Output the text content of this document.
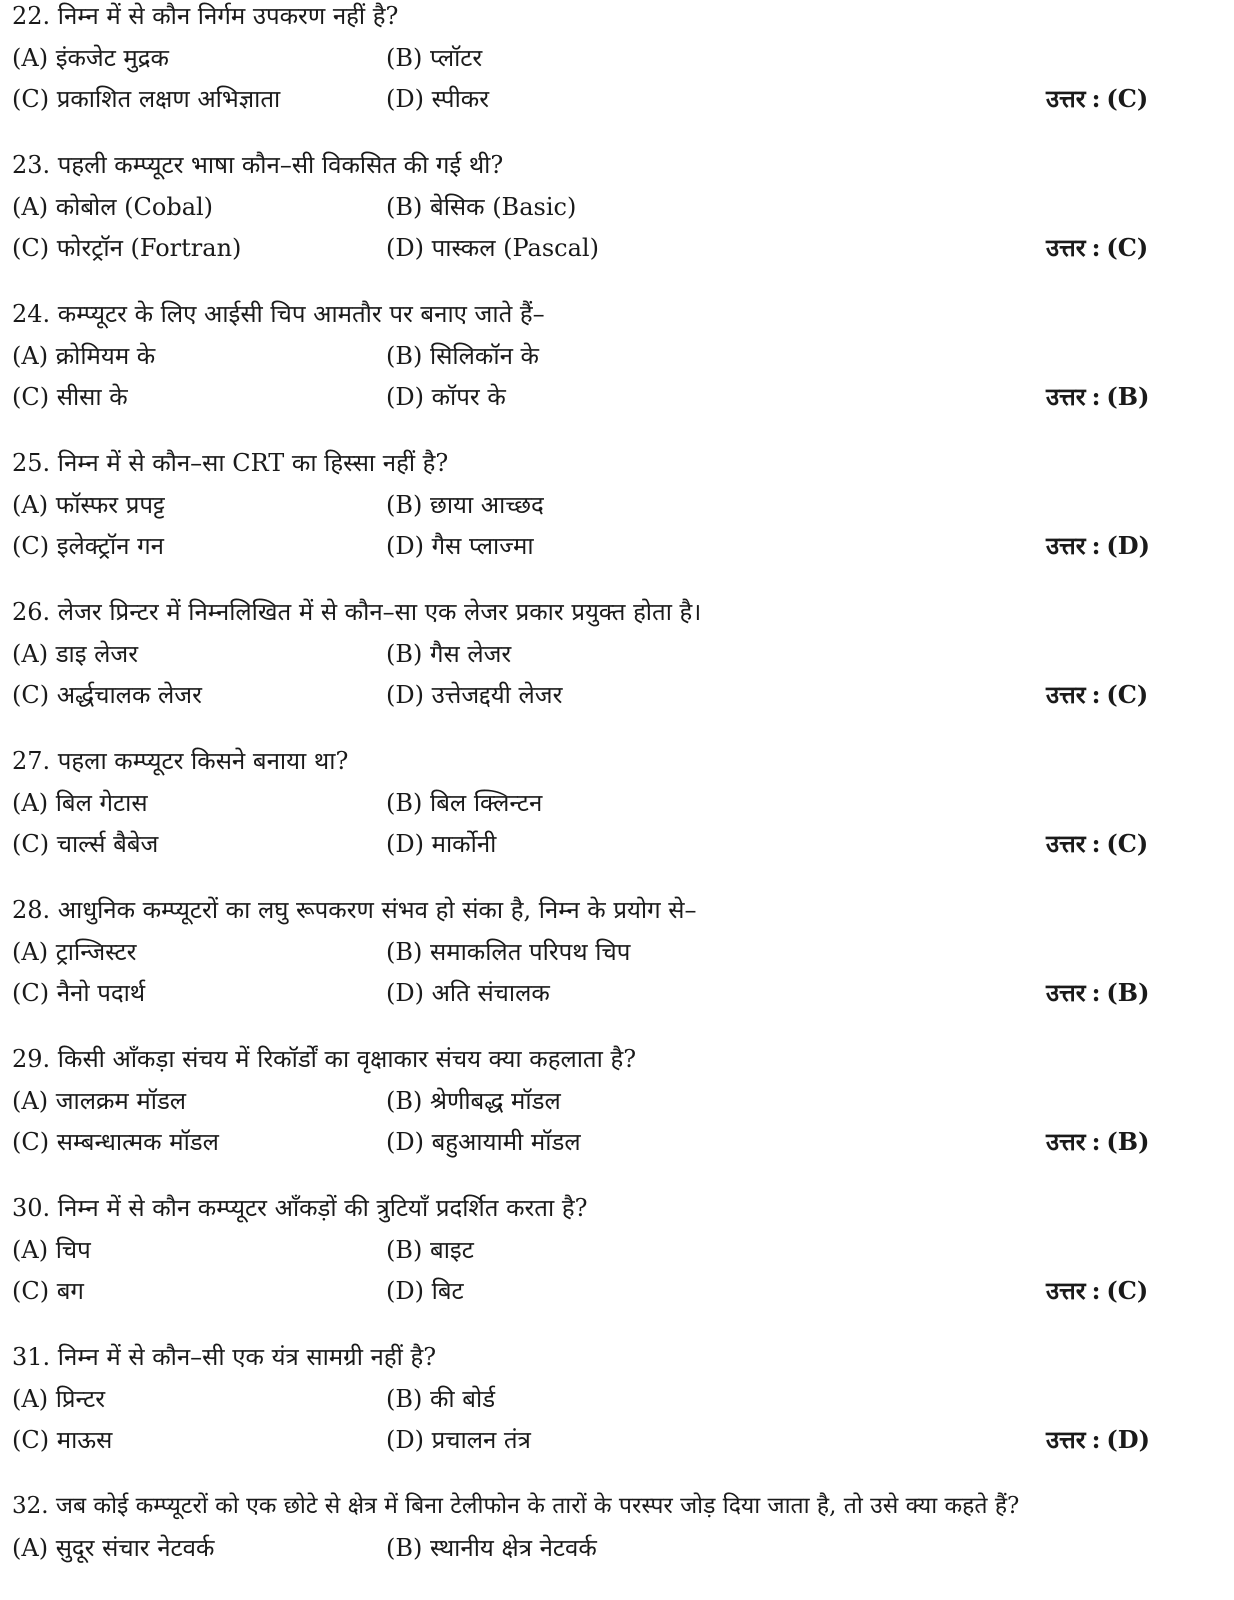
22. निम्न में से कौन निर्गम उपकरण नहीं है?
(A) इंकजेट मुद्रक	(B) प्लॉटर
(C) प्रकाशित लक्षण अभिज्ञाता	(D) स्पीकर	उत्तर : (C)
23. पहली कम्प्यूटर भाषा कौन–सी विकसित की गई थी?
(A) कोबोल (Cobal)	(B) बेसिक (Basic)
(C) फोरट्रॉन (Fortran)	(D) पास्कल (Pascal)	उत्तर : (C)
24. कम्प्यूटर के लिए आईसी चिप आमतौर पर बनाए जाते हैं–
(A) क्रोमियम के	(B) सिलिकॉन के
(C) सीसा के	(D) कॉपर के	उत्तर : (B)
25. निम्न में से कौन–सा CRT का हिस्सा नहीं है?
(A) फॉस्फर प्रपट्ट	(B) छाया आच्छद
(C) इलेक्ट्रॉन गन	(D) गैस प्लाज्मा	उत्तर : (D)
26. लेजर प्रिन्टर में निम्नलिखित में से कौन–सा एक लेजर प्रकार प्रयुक्त होता है।
(A) डाइ लेजर	(B) गैस लेजर
(C) अर्द्धचालक लेजर	(D) उत्तेजद्दयी लेजर	उत्तर : (C)
27. पहला कम्प्यूटर किसने बनाया था?
(A) बिल गेटास	(B) बिल क्लिन्टन
(C) चार्ल्स बैबेज	(D) मार्कोनी	उत्तर : (C)
28. आधुनिक कम्प्यूटरों का लघु रूपकरण संभव हो संका है, निम्न के प्रयोग से–
(A) ट्रान्जिस्टर	(B) समाकलित परिपथ चिप
(C) नैनो पदार्थ	(D) अति संचालक	उत्तर : (B)
29. किसी आँकड़ा संचय में रिकॉर्डों का वृक्षाकार संचय क्या कहलाता है?
(A) जालक्रम मॉडल	(B) श्रेणीबद्ध मॉडल
(C) सम्बन्धात्मक मॉडल	(D) बहुआयामी मॉडल	उत्तर : (B)
30. निम्न में से कौन कम्प्यूटर आँकड़ों की त्रुटियाँ प्रदर्शित करता है?
(A) चिप	(B) बाइट
(C) बग	(D) बिट	उत्तर : (C)
31. निम्न में से कौन–सी एक यंत्र सामग्री नहीं है?
(A) प्रिन्टर	(B) की बोर्ड
(C) माऊस	(D) प्रचालन तंत्र	उत्तर : (D)
32. जब कोई कम्प्यूटरों को एक छोटे से क्षेत्र में बिना टेलीफोन के तारों के परस्पर जोड़ दिया जाता है, तो उसे क्या कहते हैं?
(A) सुदूर संचार नेटवर्क	(B) स्थानीय क्षेत्र नेटवर्क
